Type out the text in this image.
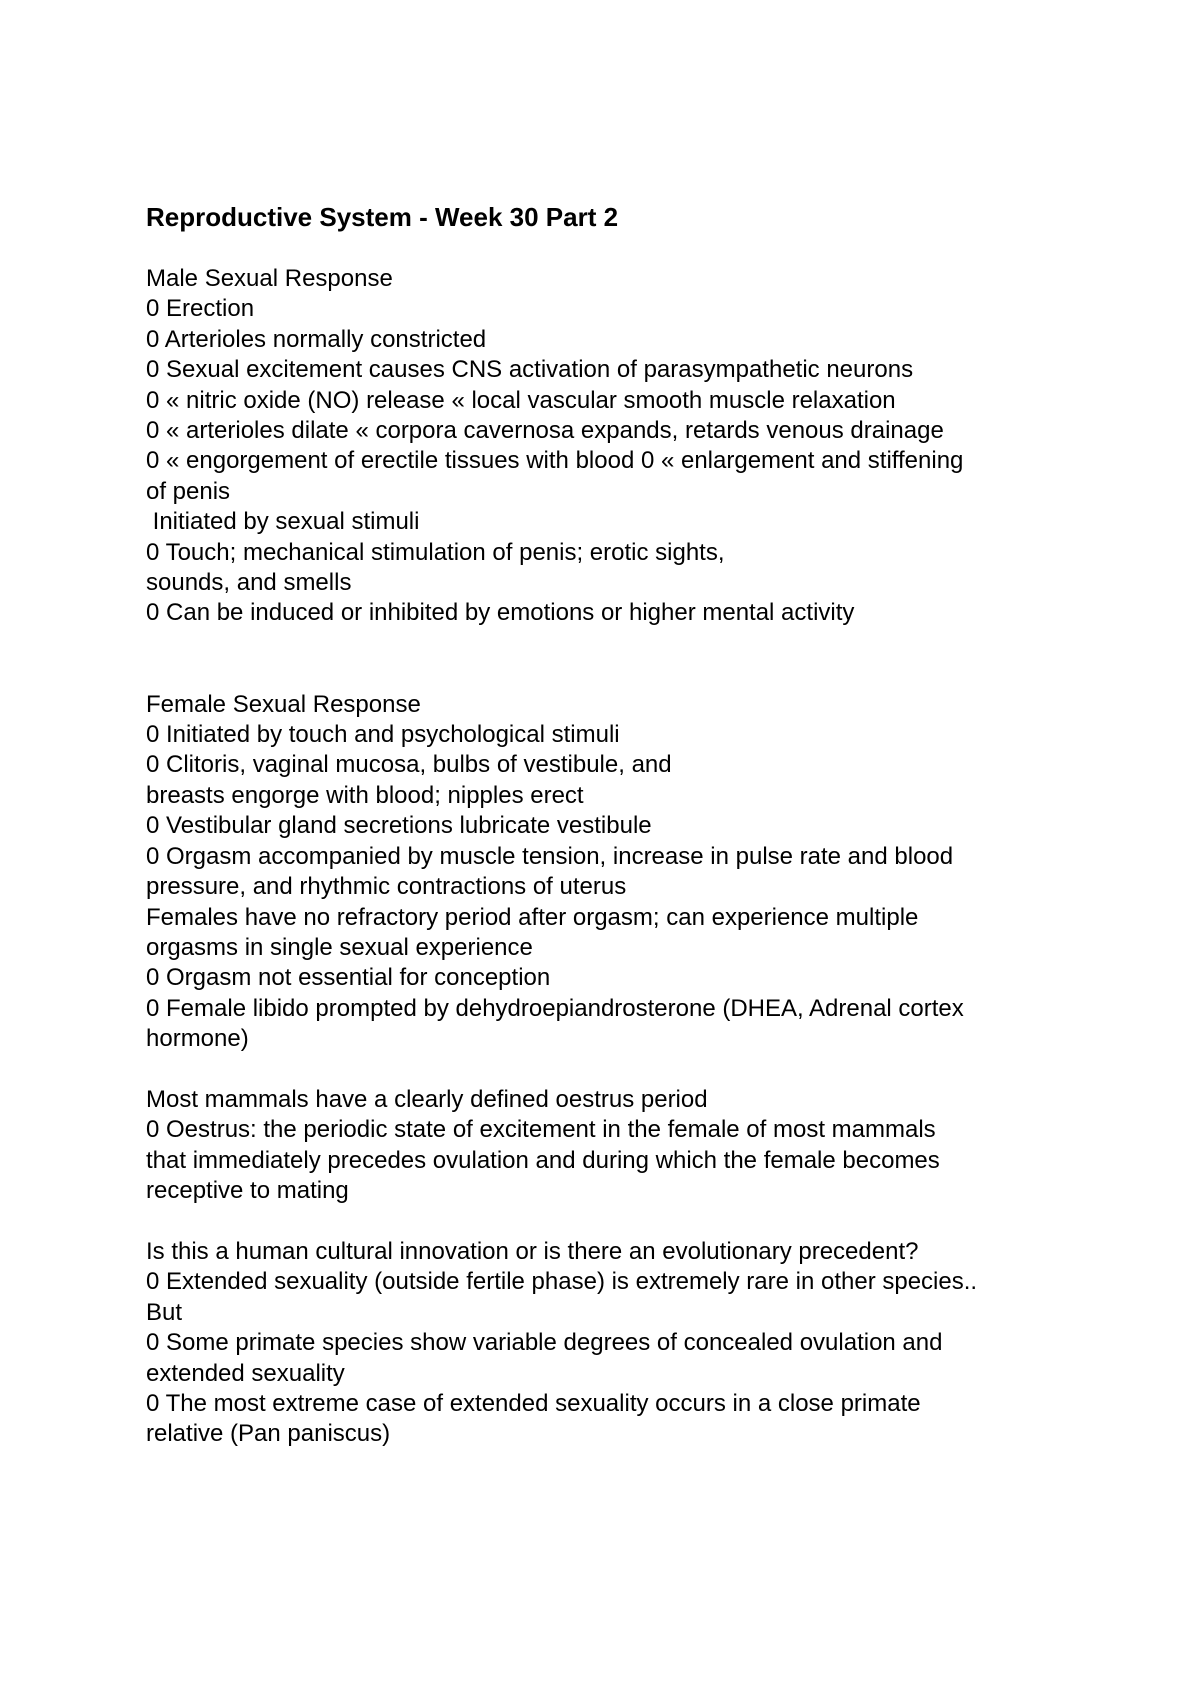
Reproductive System - Week 30 Part 2
Male Sexual Response
0 Erection
0 Arterioles normally constricted
0 Sexual excitement causes CNS activation of parasympathetic neurons
0 « nitric oxide (NO) release « local vascular smooth muscle relaxation
0 « arterioles dilate « corpora cavernosa expands, retards venous drainage
0 « engorgement of erectile tissues with blood 0 « enlargement and stiffening
of penis
Initiated by sexual stimuli
0 Touch; mechanical stimulation of penis; erotic sights,
sounds, and smells
0 Can be induced or inhibited by emotions or higher mental activity
Female Sexual Response
0 Initiated by touch and psychological stimuli
0 Clitoris, vaginal mucosa, bulbs of vestibule, and
breasts engorge with blood; nipples erect
0 Vestibular gland secretions lubricate vestibule
0 Orgasm accompanied by muscle tension, increase in pulse rate and blood
pressure, and rhythmic contractions of uterus
Females have no refractory period after orgasm; can experience multiple
orgasms in single sexual experience
0 Orgasm not essential for conception
0 Female libido prompted by dehydroepiandrosterone (DHEA, Adrenal cortex
hormone)
Most mammals have a clearly defined oestrus period
0 Oestrus: the periodic state of excitement in the female of most mammals
that immediately precedes ovulation and during which the female becomes
receptive to mating
Is this a human cultural innovation or is there an evolutionary precedent?
0 Extended sexuality (outside fertile phase) is extremely rare in other species..
But
0 Some primate species show variable degrees of concealed ovulation and
extended sexuality
0 The most extreme case of extended sexuality occurs in a close primate
relative (Pan paniscus)
